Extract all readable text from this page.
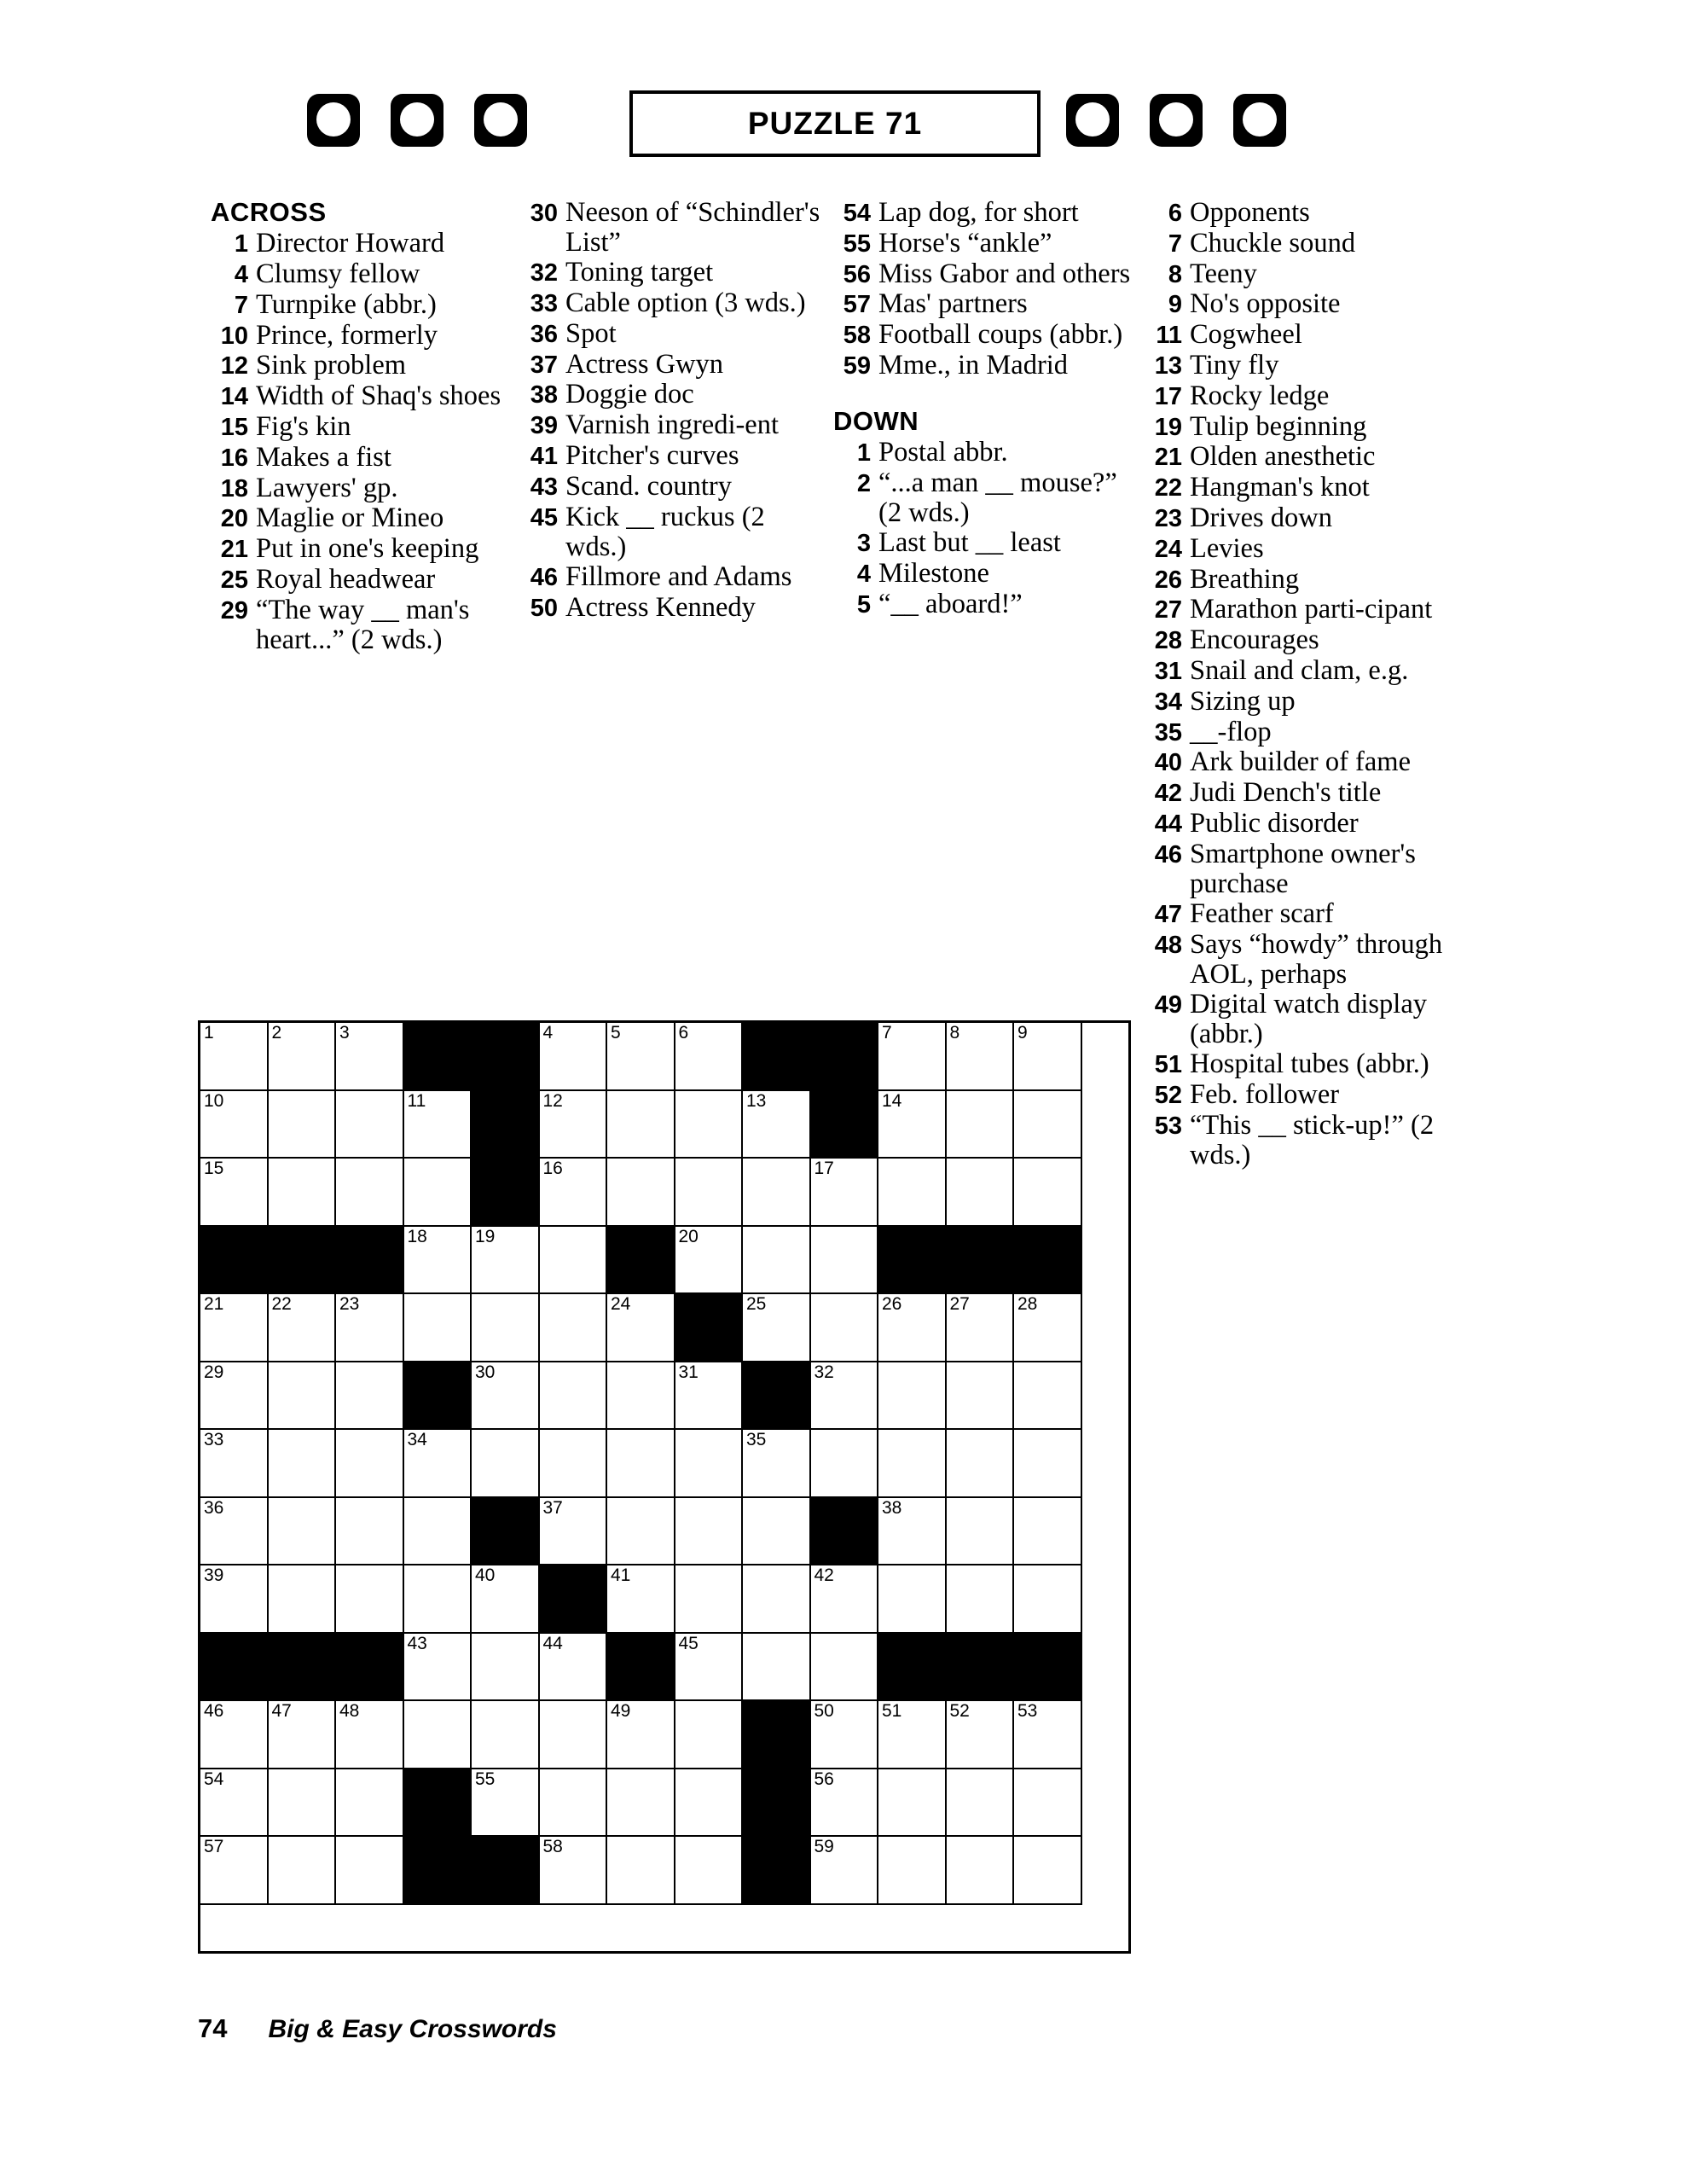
PUZZLE 71
ACROSS
1 Director Howard
4 Clumsy fellow
7 Turnpike (abbr.)
10 Prince, formerly
12 Sink problem
14 Width of Shaq's shoes
15 Fig's kin
16 Makes a fist
18 Lawyers' gp.
20 Maglie or Mineo
21 Put in one's keeping
25 Royal headwear
29 “The way __ man's heart...” (2 wds.)
30 Neeson of “Schindler's List”
32 Toning target
33 Cable option (3 wds.)
36 Spot
37 Actress Gwyn
38 Doggie doc
39 Varnish ingredi-ent
41 Pitcher's curves
43 Scand. country
45 Kick __ ruckus (2 wds.)
46 Fillmore and Adams
50 Actress Kennedy
54 Lap dog, for short
55 Horse's “ankle”
56 Miss Gabor and others
57 Mas' partners
58 Football coups (abbr.)
59 Mme., in Madrid
DOWN
1 Postal abbr.
2 “...a man __ mouse?” (2 wds.)
3 Last but __ least
4 Milestone
5 “__ aboard!”
6 Opponents
7 Chuckle sound
8 Teeny
9 No's opposite
11 Cogwheel
13 Tiny fly
17 Rocky ledge
19 Tulip beginning
21 Olden anesthetic
22 Hangman's knot
23 Drives down
24 Levies
26 Breathing
27 Marathon parti-cipant
28 Encourages
31 Snail and clam, e.g.
34 Sizing up
35 __-flop
40 Ark builder of fame
42 Judi Dench's title
44 Public disorder
46 Smartphone owner's purchase
47 Feather scarf
48 Says “howdy” through AOL, perhaps
49 Digital watch display (abbr.)
51 Hospital tubes (abbr.)
52 Feb. follower
53 “This __ stick-up!” (2 wds.)
1	2	3	4	5	6	7	8	9
10	11	12	13	14
15	16	17
18	19	20
21	22	23	24	25	26	27	28
29	30	31	32
33	34	35
36	37	38
39	40	41	42
43	44	45
46	47	48	49	50	51	52	53
54	55	56
57	58	59
74 Big & Easy Crosswords
